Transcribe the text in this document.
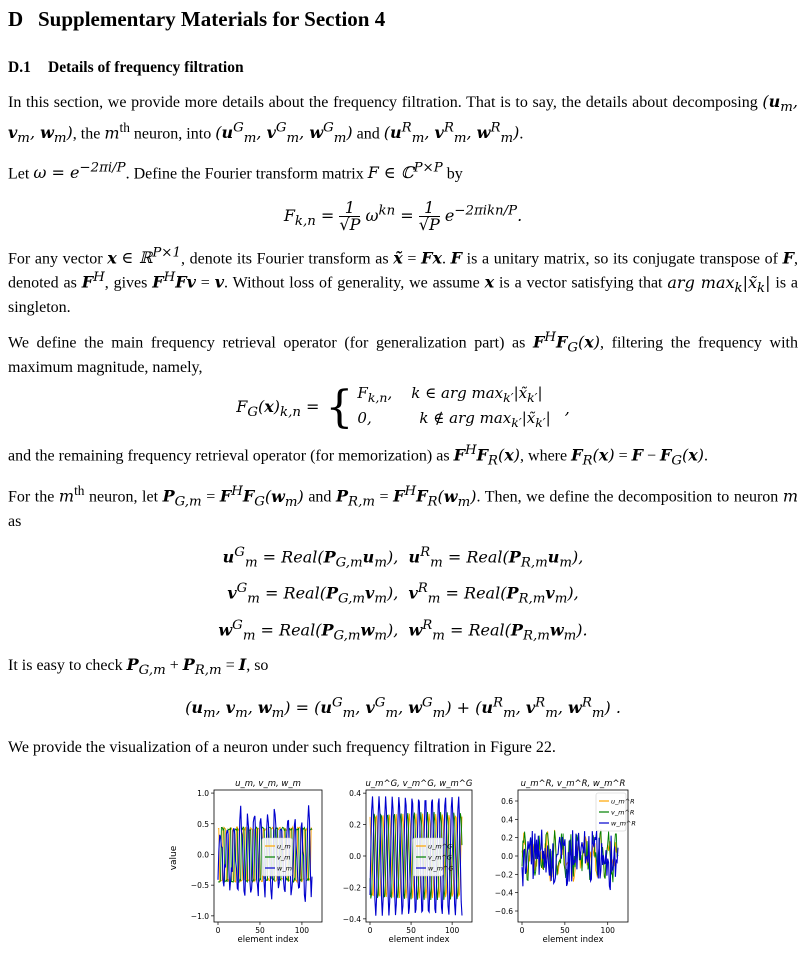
D Supplementary Materials for Section 4
D.1 Details of frequency filtration

In this section, we provide more details about the frequency filtration. That is to say, the details about decomposing ($u_m$, $v_m$, $w_m$), the $m^{th}$ neuron, into ($u^G_m$, $v^G_m$, $w^G_m$) and ($u^R_m$, $v^R_m$, $w^R_m$).

Let $\omega = e^{-2\pi i/P}$. Define the Fourier transform matrix F ∈ ℂ$^{P\times P}$ by

$F_{k,n} = \frac{1}{√P} \omega^{kn} = \frac{1}{√P} e^{-2\pi ikn/P}$.

For any vector x ∈ ℝ$^{P\times 1}$, denote its Fourier transform as x̃ = Fx. F is a unitary matrix, so its conjugate transpose of F, denoted as $F^H$, gives $F^HFv = v$. Without loss of generality, we assume x is a vector satisfying that arg $\max_k|x̃_k|$ is a singleton.

We define the main frequency retrieval operator (for generalization part) as $F^HF_G(x)$, filtering the frequency with maximum magnitude, namely,

$F_G(x)_{k,n}$ = { $F_{k,n}$,    k ∈ arg $\max_{k'}|x̃_{k'}|$
0,          k ∉ arg $\max_{k'}|x̃_{k'}|$
,

and the remaining frequency retrieval operator (for memorization) as $F^HF_R(x)$, where $F_R(x) = F - F_G(x)$.

For the $m^{th}$ neuron, let $P_{G,m} = F^HF_G(w_m)$ and $P_{R,m} = F^HF_R(w_m)$. Then, we define the decomposition to neuron m as

$u^G_m$ = $Real(P_{G,m}u_m)$,  $u^R_m$ = $Real(P_{R,m}u_m)$,
$v^G_m$ = $Real(P_{G,m}v_m)$,  $v^R_m$ = $Real(P_{R,m}v_m)$,
$w^G_m$ = $Real(P_{G,m}w_m)$,  $w^R_m$ = $Real(P_{R,m}w_m)$.

It is easy to check $P_{G,m} + P_{R,m} = I$, so

($u_m$, $v_m$, $w_m) = (u^G_m$, $v^G_m$, $w^G_m) + (u^R_m$, $v^R_m$, $w^R_m$) .

We provide the visualization of a neuron under such frequency filtration in Figure 22.

value
1.0
0.5
0.0
−0.5
−1.0
0	50	100
element index
u_m, v_m, w_m
u_m
v_m
w_m
0.4
0.2
0.0
−0.2
−0.4
0	50	100
element index
u_m^G, v_m^G, w_m^G
u_m^G
v_m^G
w_m^G
0.6
0.4
0.2
0.0
−0.2
−0.4
−0.6
0	50	100
element index
u_m^R, v_m^R, w_m^R
u_m^R
v_m^R
w_m^R
